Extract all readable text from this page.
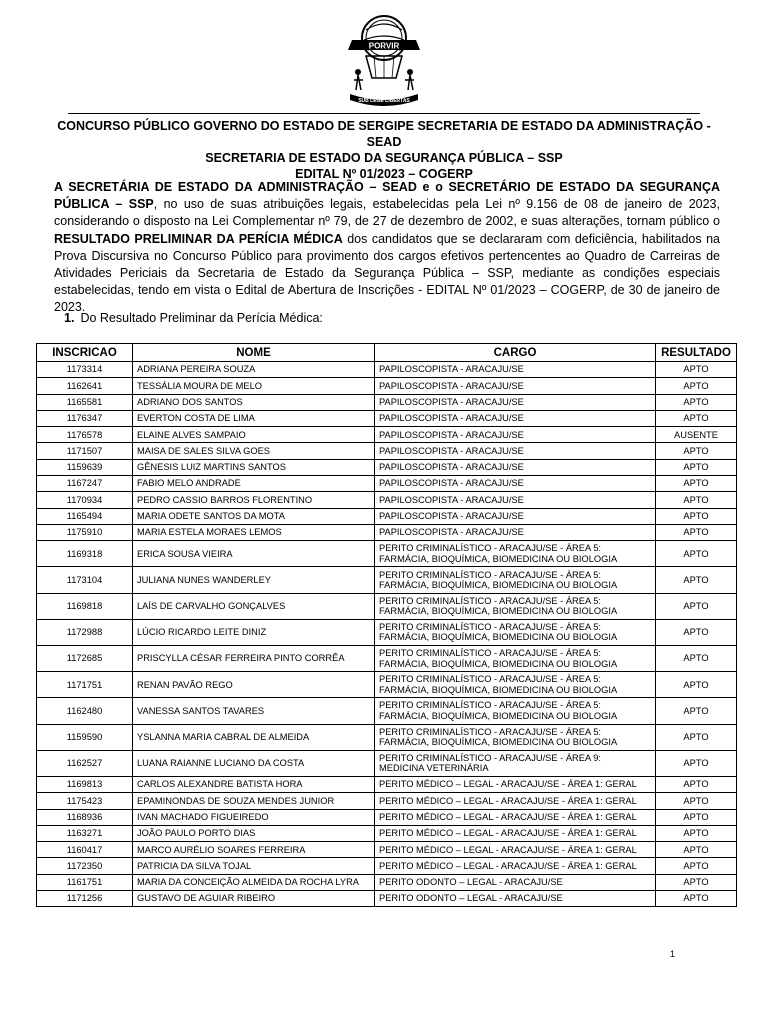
PORVIR
SUB LEGE LIBERTAS
CONCURSO PÚBLICO GOVERNO DO ESTADO DE SERGIPE SECRETARIA DE ESTADO DA ADMINISTRAÇÃO - SEAD
SECRETARIA DE ESTADO DA SEGURANÇA PÚBLICA – SSP
EDITAL Nº 01/2023 – COGERP
A SECRETÁRIA DE ESTADO DA ADMINISTRAÇÃO – SEAD e o SECRETÁRIO DE ESTADO DA SEGURANÇA PÚBLICA – SSP, no uso de suas atribuições legais, estabelecidas pela Lei nº 9.156 de 08 de janeiro de 2023, considerando o disposto na Lei Complementar nº 79, de 27 de dezembro de 2002, e suas alterações, tornam público o RESULTADO PRELIMINAR DA PERÍCIA MÉDICA dos candidatos que se declararam com deficiência, habilitados na Prova Discursiva no Concurso Público para provimento dos cargos efetivos pertencentes ao Quadro de Carreiras de Atividades Periciais da Secretaria de Estado da Segurança Pública – SSP, mediante as condições especiais estabelecidas, tendo em vista o Edital de Abertura de Inscrições - EDITAL Nº 01/2023 – COGERP, de 30 de janeiro de 2023.
1. Do Resultado Preliminar da Perícia Médica:
INSCRICAO	NOME	CARGO	RESULTADO
1173314	ADRIANA PEREIRA SOUZA	PAPILOSCOPISTA - ARACAJU/SE	APTO
1162641	TESSÁLIA MOURA DE MELO	PAPILOSCOPISTA - ARACAJU/SE	APTO
1165581	ADRIANO DOS SANTOS	PAPILOSCOPISTA - ARACAJU/SE	APTO
1176347	EVERTON COSTA DE LIMA	PAPILOSCOPISTA - ARACAJU/SE	APTO
1176578	ELAINE ALVES SAMPAIO	PAPILOSCOPISTA - ARACAJU/SE	AUSENTE
1171507	MAISA DE SALES SILVA GOES	PAPILOSCOPISTA - ARACAJU/SE	APTO
1159639	GÊNESIS LUIZ MARTINS SANTOS	PAPILOSCOPISTA - ARACAJU/SE	APTO
1167247	FABIO MELO ANDRADE	PAPILOSCOPISTA - ARACAJU/SE	APTO
1170934	PEDRO CASSIO BARROS FLORENTINO	PAPILOSCOPISTA - ARACAJU/SE	APTO
1165494	MARIA ODETE SANTOS DA MOTA	PAPILOSCOPISTA - ARACAJU/SE	APTO
1175910	MARIA ESTELA MORAES LEMOS	PAPILOSCOPISTA - ARACAJU/SE	APTO
1169318	ERICA SOUSA VIEIRA	PERITO CRIMINALÍSTICO - ARACAJU/SE - ÁREA 5:
FARMÁCIA, BIOQUÍMICA, BIOMEDICINA OU BIOLOGIA	APTO
1173104	JULIANA NUNES WANDERLEY	PERITO CRIMINALÍSTICO - ARACAJU/SE - ÁREA 5:
FARMÁCIA, BIOQUÍMICA, BIOMEDICINA OU BIOLOGIA	APTO
1169818	LAÍS DE CARVALHO GONÇALVES	PERITO CRIMINALÍSTICO - ARACAJU/SE - ÁREA 5:
FARMÁCIA, BIOQUÍMICA, BIOMEDICINA OU BIOLOGIA	APTO
1172988	LÚCIO RICARDO LEITE DINIZ	PERITO CRIMINALÍSTICO - ARACAJU/SE - ÁREA 5:
FARMÁCIA, BIOQUÍMICA, BIOMEDICINA OU BIOLOGIA	APTO
1172685	PRISCYLLA CÉSAR FERREIRA PINTO CORRÊA	PERITO CRIMINALÍSTICO - ARACAJU/SE - ÁREA 5:
FARMÁCIA, BIOQUÍMICA, BIOMEDICINA OU BIOLOGIA	APTO
1171751	RENAN PAVÃO REGO	PERITO CRIMINALÍSTICO - ARACAJU/SE - ÁREA 5:
FARMÁCIA, BIOQUÍMICA, BIOMEDICINA OU BIOLOGIA	APTO
1162480	VANESSA SANTOS TAVARES	PERITO CRIMINALÍSTICO - ARACAJU/SE - ÁREA 5:
FARMÁCIA, BIOQUÍMICA, BIOMEDICINA OU BIOLOGIA	APTO
1159590	YSLANNA MARIA CABRAL DE ALMEIDA	PERITO CRIMINALÍSTICO - ARACAJU/SE - ÁREA 5:
FARMÁCIA, BIOQUÍMICA, BIOMEDICINA OU BIOLOGIA	APTO
1162527	LUANA RAIANNE LUCIANO DA COSTA	PERITO CRIMINALÍSTICO - ARACAJU/SE - ÁREA 9:
MEDICINA VETERINÁRIA	APTO
1169813	CARLOS ALEXANDRE BATISTA HORA	PERITO MÉDICO – LEGAL - ARACAJU/SE - ÁREA 1: GERAL	APTO
1175423	EPAMINONDAS DE SOUZA MENDES JUNIOR	PERITO MÉDICO – LEGAL - ARACAJU/SE - ÁREA 1: GERAL	APTO
1168936	IVAN MACHADO FIGUEIREDO	PERITO MÉDICO – LEGAL - ARACAJU/SE - ÁREA 1: GERAL	APTO
1163271	JOÃO PAULO PORTO DIAS	PERITO MÉDICO – LEGAL - ARACAJU/SE - ÁREA 1: GERAL	APTO
1160417	MARCO AURÉLIO SOARES FERREIRA	PERITO MÉDICO – LEGAL - ARACAJU/SE - ÁREA 1: GERAL	APTO
1172350	PATRICIA DA SILVA TOJAL	PERITO MÉDICO – LEGAL - ARACAJU/SE - ÁREA 1: GERAL	APTO
1161751	MARIA DA CONCEIÇÃO ALMEIDA DA ROCHA LYRA	PERITO ODONTO – LEGAL - ARACAJU/SE	APTO
1171256	GUSTAVO DE AGUIAR RIBEIRO	PERITO ODONTO – LEGAL - ARACAJU/SE	APTO
1
